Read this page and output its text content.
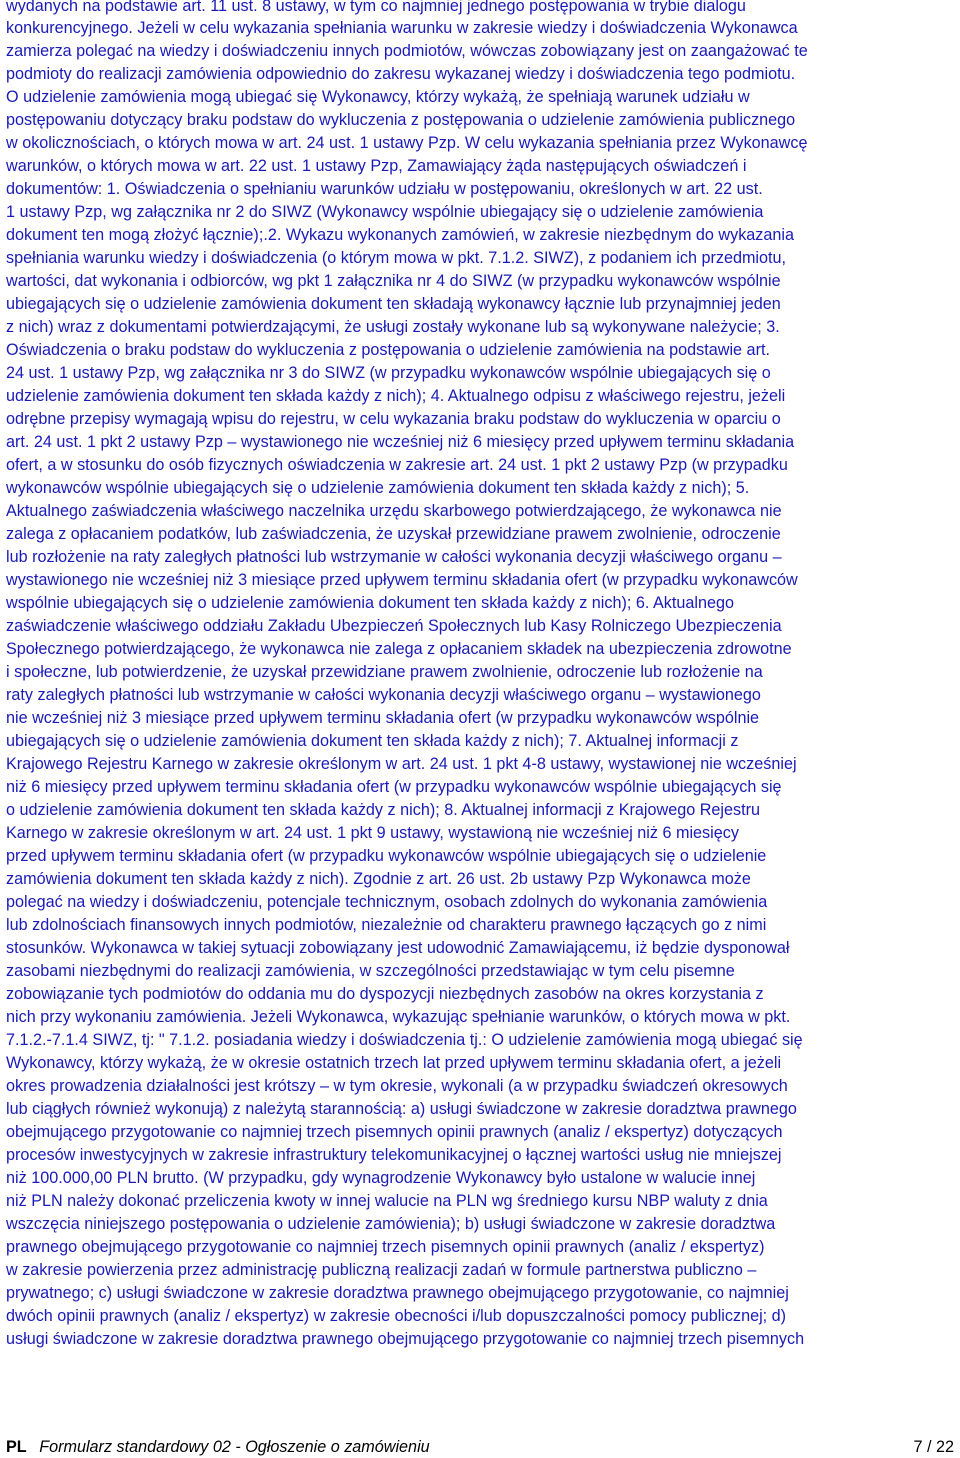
wydanych na podstawie art. 11 ust. 8 ustawy, w tym co najmniej jednego postępowania w trybie dialogu
konkurencyjnego. Jeżeli w celu wykazania spełniania warunku w zakresie wiedzy i doświadczenia Wykonawca
zamierza polegać na wiedzy i doświadczeniu innych podmiotów, wówczas zobowiązany jest on zaangażować te
podmioty do realizacji zamówienia odpowiednio do zakresu wykazanej wiedzy i doświadczenia tego podmiotu.
O udzielenie zamówienia mogą ubiegać się Wykonawcy, którzy wykażą, że spełniają warunek udziału w
postępowaniu dotyczący braku podstaw do wykluczenia z postępowania o udzielenie zamówienia publicznego
w okolicznościach, o których mowa w art. 24 ust. 1 ustawy Pzp. W celu wykazania spełniania przez Wykonawcę
warunków, o których mowa w art. 22 ust. 1 ustawy Pzp, Zamawiający żąda następujących oświadczeń i
dokumentów: 1. Oświadczenia o spełnianiu warunków udziału w postępowaniu, określonych w art. 22 ust.
1 ustawy Pzp, wg załącznika nr 2 do SIWZ (Wykonawcy wspólnie ubiegający się o udzielenie zamówienia
dokument ten mogą złożyć łącznie);.2. Wykazu wykonanych zamówień, w zakresie niezbędnym do wykazania
spełniania warunku wiedzy i doświadczenia (o którym mowa w pkt. 7.1.2. SIWZ), z podaniem ich przedmiotu,
wartości, dat wykonania i odbiorców, wg pkt 1 załącznika nr 4 do SIWZ (w przypadku wykonawców wspólnie
ubiegających się o udzielenie zamówienia dokument ten składają wykonawcy łącznie lub przynajmniej jeden
z nich) wraz z dokumentami potwierdzającymi, że usługi zostały wykonane lub są wykonywane należycie; 3.
Oświadczenia o braku podstaw do wykluczenia z postępowania o udzielenie zamówienia na podstawie art.
24 ust. 1 ustawy Pzp, wg załącznika nr 3 do SIWZ (w przypadku wykonawców wspólnie ubiegających się o
udzielenie zamówienia dokument ten składa każdy z nich); 4. Aktualnego odpisu z właściwego rejestru, jeżeli
odrębne przepisy wymagają wpisu do rejestru, w celu wykazania braku podstaw do wykluczenia w oparciu o
art. 24 ust. 1 pkt 2 ustawy Pzp – wystawionego nie wcześniej niż 6 miesięcy przed upływem terminu składania
ofert, a w stosunku do osób fizycznych oświadczenia w zakresie art. 24 ust. 1 pkt 2 ustawy Pzp (w przypadku
wykonawców wspólnie ubiegających się o udzielenie zamówienia dokument ten składa każdy z nich); 5.
Aktualnego zaświadczenia właściwego naczelnika urzędu skarbowego potwierdzającego, że wykonawca nie
zalega z opłacaniem podatków, lub zaświadczenia, że uzyskał przewidziane prawem zwolnienie, odroczenie
lub rozłożenie na raty zaległych płatności lub wstrzymanie w całości wykonania decyzji właściwego organu –
wystawionego nie wcześniej niż 3 miesiące przed upływem terminu składania ofert (w przypadku wykonawców
wspólnie ubiegających się o udzielenie zamówienia dokument ten składa każdy z nich); 6. Aktualnego
zaświadczenie właściwego oddziału Zakładu Ubezpieczeń Społecznych lub Kasy Rolniczego Ubezpieczenia
Społecznego potwierdzającego, że wykonawca nie zalega z opłacaniem składek na ubezpieczenia zdrowotne
i społeczne, lub potwierdzenie, że uzyskał przewidziane prawem zwolnienie, odroczenie lub rozłożenie na
raty zaległych płatności lub wstrzymanie w całości wykonania decyzji właściwego organu – wystawionego
nie wcześniej niż 3 miesiące przed upływem terminu składania ofert (w przypadku wykonawców wspólnie
ubiegających się o udzielenie zamówienia dokument ten składa każdy z nich); 7. Aktualnej informacji z
Krajowego Rejestru Karnego w zakresie określonym w art. 24 ust. 1 pkt 4-8 ustawy, wystawionej nie wcześniej
niż 6 miesięcy przed upływem terminu składania ofert (w przypadku wykonawców wspólnie ubiegających się
o udzielenie zamówienia dokument ten składa każdy z nich); 8. Aktualnej informacji z Krajowego Rejestru
Karnego w zakresie określonym w art. 24 ust. 1 pkt 9 ustawy, wystawioną nie wcześniej niż 6 miesięcy
przed upływem terminu składania ofert (w przypadku wykonawców wspólnie ubiegających się o udzielenie
zamówienia dokument ten składa każdy z nich). Zgodnie z art. 26 ust. 2b ustawy Pzp Wykonawca może
polegać na wiedzy i doświadczeniu, potencjale technicznym, osobach zdolnych do wykonania zamówienia
lub zdolnościach finansowych innych podmiotów, niezależnie od charakteru prawnego łączących go z nimi
stosunków. Wykonawca w takiej sytuacji zobowiązany jest udowodnić Zamawiającemu, iż będzie dysponował
zasobami niezbędnymi do realizacji zamówienia, w szczególności przedstawiając w tym celu pisemne
zobowiązanie tych podmiotów do oddania mu do dyspozycji niezbędnych zasobów na okres korzystania z
nich przy wykonaniu zamówienia. Jeżeli Wykonawca, wykazując spełnianie warunków, o których mowa w pkt.
7.1.2.-7.1.4 SIWZ, tj: " 7.1.2. posiadania wiedzy i doświadczenia tj.: O udzielenie zamówienia mogą ubiegać się
Wykonawcy, którzy wykażą, że w okresie ostatnich trzech lat przed upływem terminu składania ofert, a jeżeli
okres prowadzenia działalności jest krótszy – w tym okresie, wykonali (a w przypadku świadczeń okresowych
lub ciągłych również wykonują) z należytą starannością: a) usługi świadczone w zakresie doradztwa prawnego
obejmującego przygotowanie co najmniej trzech pisemnych opinii prawnych (analiz / ekspertyz) dotyczących
procesów inwestycyjnych w zakresie infrastruktury telekomunikacyjnej o łącznej wartości usług nie mniejszej
niż 100.000,00 PLN brutto. (W przypadku, gdy wynagrodzenie Wykonawcy było ustalone w walucie innej
niż PLN należy dokonać przeliczenia kwoty w innej walucie na PLN wg średniego kursu NBP waluty z dnia
wszczęcia niniejszego postępowania o udzielenie zamówienia); b) usługi świadczone w zakresie doradztwa
prawnego obejmującego przygotowanie co najmniej trzech pisemnych opinii prawnych (analiz / ekspertyz)
w zakresie powierzenia przez administrację publiczną realizacji zadań w formule partnerstwa publiczno –
prywatnego; c) usługi świadczone w zakresie doradztwa prawnego obejmującego przygotowanie, co najmniej
dwóch opinii prawnych (analiz / ekspertyz) w zakresie obecności i/lub dopuszczalności pomocy publicznej; d)
usługi świadczone w zakresie doradztwa prawnego obejmującego przygotowanie co najmniej trzech pisemnych
PL Formularz standardowy 02 - Ogłoszenie o zamówieniu	7 / 22
